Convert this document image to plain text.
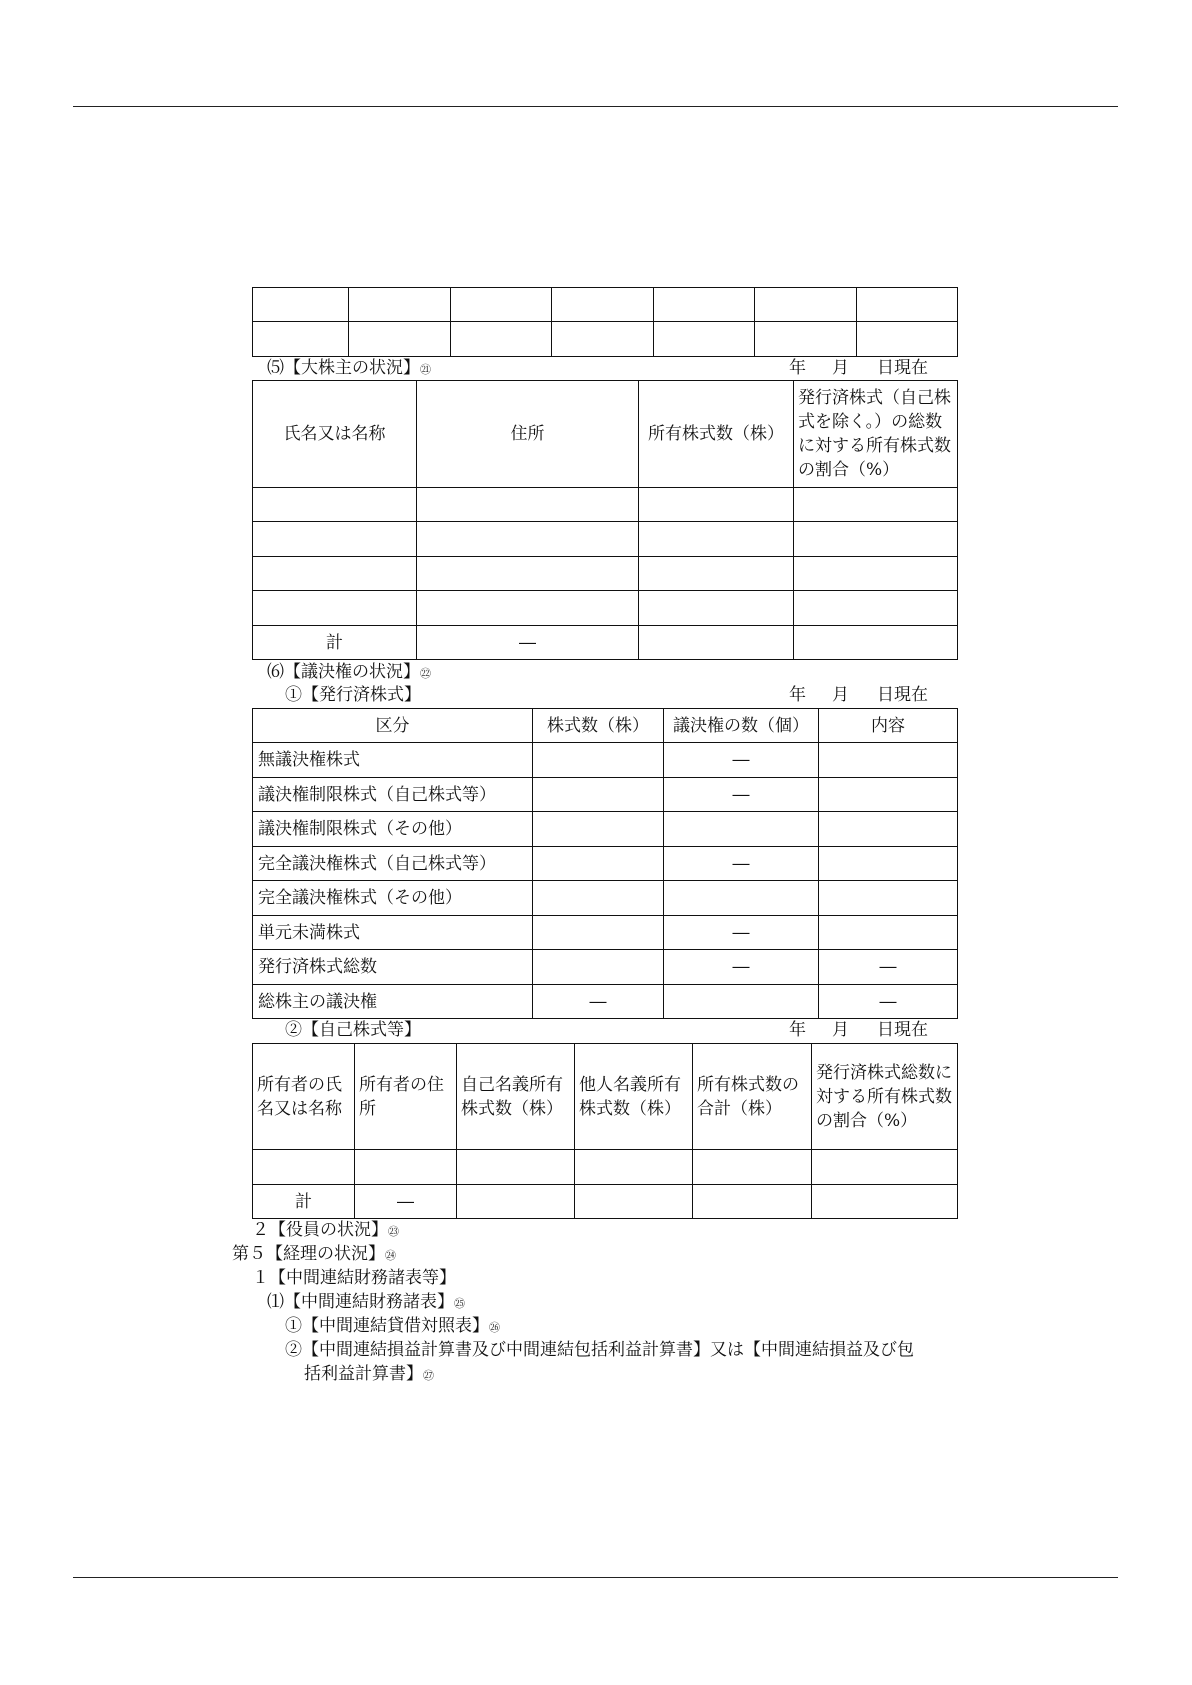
⑸【大株主の状況】㉑	年 月 日現在
氏名又は名称	住所	所有株式数（株）	発行済株式（自己株式を除く。）の総数に対する所有株式数の割合（%）

計	―		
⑹【議決権の状況】㉒
①【発行済株式】	年 月 日現在
区分	株式数（株）	議決権の数（個）	内容
無議決権株式		―	
議決権制限株式（自己株式等）		―	
議決権制限株式（その他）			
完全議決権株式（自己株式等）		―	
完全議決権株式（その他）			
単元未満株式		―	
発行済株式総数		―	―
総株主の議決権	―		―
②【自己株式等】	年 月 日現在
所有者の氏名又は名称	所有者の住所	自己名義所有株式数（株）	他人名義所有株式数（株）	所有株式数の合計（株）	発行済株式総数に対する所有株式数の割合（%）

計	―				
２【役員の状況】㉓
第５【経理の状況】㉔
１【中間連結財務諸表等】
⑴【中間連結財務諸表】㉕
①【中間連結貸借対照表】㉖
②【中間連結損益計算書及び中間連結包括利益計算書】又は【中間連結損益及び包
括利益計算書】㉗
